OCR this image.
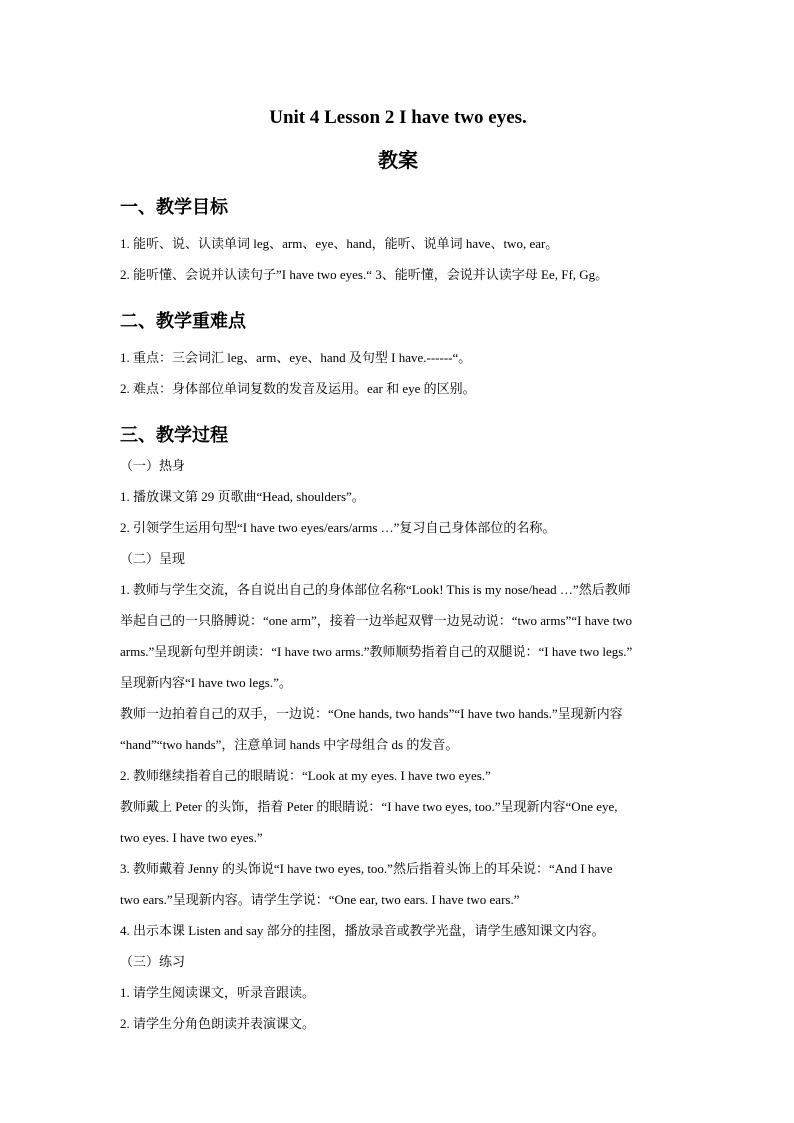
Unit 4 Lesson 2 I have two eyes.
教案
一、教学目标

1. 能听、说、认读单词 leg、arm、eye、hand，能听、说单词 have、two, ear。

2. 能听懂、会说并认读句子”I have two eyes.“ 3、能听懂，会说并认读字母 Ee, Ff, Gg。

二、教学重难点

1. 重点：三会词汇 leg、arm、eye、hand 及句型 I have.------“。

2. 难点：身体部位单词复数的发音及运用。ear 和 eye 的区别。

三、教学过程

（一）热身

1. 播放课文第 29 页歌曲“Head, shoulders”。

2. 引领学生运用句型“I have two eyes/ears/arms …”复习自己身体部位的名称。

（二）呈现

1. 教师与学生交流，各自说出自己的身体部位名称“Look! This is my nose/head …”然后教师

举起自己的一只胳膊说：“one arm”，接着一边举起双臂一边晃动说：“two arms”“I have two

arms.”呈现新句型并朗读：“I have two arms.”教师顺势指着自己的双腿说：“I have two legs.”

呈现新内容“I have two legs.”。

教师一边拍着自己的双手，一边说：“One hands, two hands”“I have two hands.”呈现新内容

“hand”“two hands”，注意单词 hands 中字母组合 ds 的发音。

2. 教师继续指着自己的眼睛说：“Look at my eyes. I have two eyes.”

教师戴上 Peter 的头饰，指着 Peter 的眼睛说：“I have two eyes, too.”呈现新内容“One eye,

two eyes. I have two eyes.”

3. 教师戴着 Jenny 的头饰说“I have two eyes, too.”然后指着头饰上的耳朵说：“And I have

two ears.”呈现新内容。请学生学说：“One ear, two ears. I have two ears.”

4. 出示本课 Listen and say 部分的挂图，播放录音或教学光盘，请学生感知课文内容。

（三）练习

1. 请学生阅读课文，听录音跟读。

2. 请学生分角色朗读并表演课文。
